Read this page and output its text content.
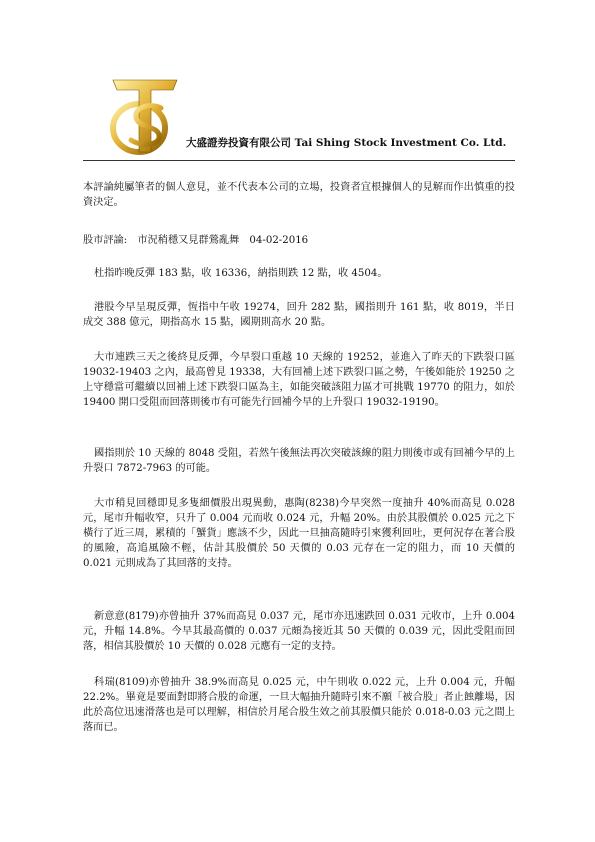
大盛證券投資有限公司 Tai Shing Stock Investment Co. Ltd.

本評論純屬筆者的個人意見，並不代表本公司的立場，投資者宜根據個人的見解而作出慎重的投資決定。

股市評論:　市況稍穩又見群鶯亂舞　04-02-2016

杜指昨晚反彈 183 點，收 16336，納指則跌 12 點，收 4504。

港股今早呈現反彈，恆指中午收 19274，回升 282 點，國指則升 161 點，收 8019，半日成交 388 億元，期指高水 15 點，國期則高水 20 點。

大市連跌三天之後終見反彈，今早裂口重越 10 天線的 19252，並進入了昨天的下跌裂口區 19032-19403 之內，最高曾見 19338，大有回補上述下跌裂口區之勢，午後如能於 19250 之上守穩當可繼續以回補上述下跌裂口區為主，如能突破該阻力區才可挑戰 19770 的阻力，如於 19400 開口受阻而回落則後市有可能先行回補今早的上升裂口 19032-19190。

國指則於 10 天線的 8048 受阻，若然午後無法再次突破該線的阻力則後市或有回補今早的上升裂口 7872-7963 的可能。

大市稍見回穩即見多隻細價股出現異動，惠陶(8238)今早突然一度抽升 40%而高見 0.028 元，尾市升幅收窄，只升了 0.004 元而收 0.024 元，升幅 20%。由於其股價於 0.025 元之下橫行了近三周，累積的「蟹貨」應該不少，因此一旦抽高隨時引來獲利回吐，更何況存在著合股的風險，高追風險不輕，估計其股價於 50 天價的 0.03 元存在一定的阻力，而 10 天價的 0.021 元則成為了其回落的支持。

新意意(8179)亦曾抽升 37%而高見 0.037 元，尾市亦迅速跌回 0.031 元收市，上升 0.004 元，升幅 14.8%。今早其最高價的 0.037 元頗為接近其 50 天價的 0.039 元，因此受阻而回落，相信其股價於 10 天價的 0.028 元應有一定的支持。

科瑞(8109)亦曾抽升 38.9%而高見 0.025 元，中午則收 0.022 元，上升 0.004 元，升幅 22.2%。畢竟是要面對即將合股的命運，一旦大幅抽升隨時引來不願「被合股」者止蝕離場，因此於高位迅速滑落也是可以理解，相信於月尾合股生效之前其股價只能於 0.018-0.03 元之間上落而已。
